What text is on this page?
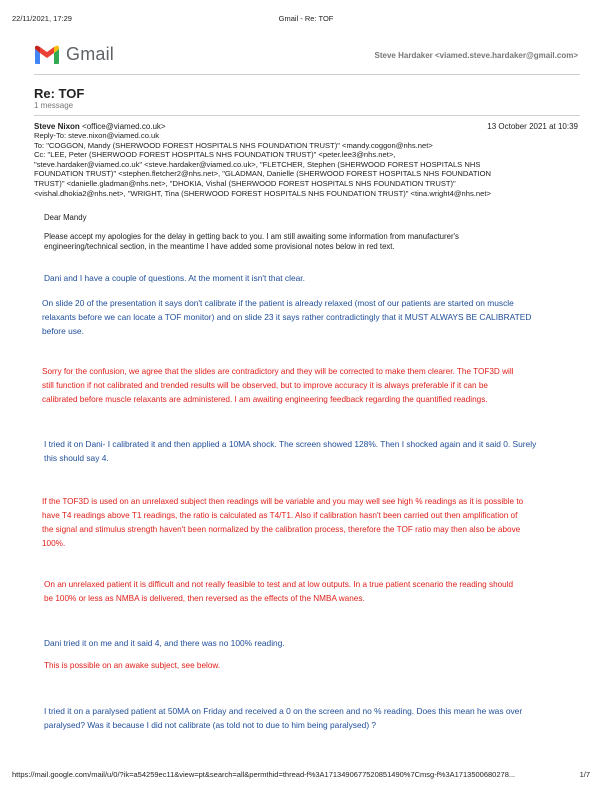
22/11/2021, 17:29	Gmail - Re: TOF
Gmail	Steve Hardaker <viamed.steve.hardaker@gmail.com>
Re: TOF
1 message
Steve Nixon <office@viamed.co.uk>	13 October 2021 at 10:39
Reply-To: steve.nixon@viamed.co.uk
To: "COGGON, Mandy (SHERWOOD FOREST HOSPITALS NHS FOUNDATION TRUST)" <mandy.coggon@nhs.net>
Cc: "LEE, Peter (SHERWOOD FOREST HOSPITALS NHS FOUNDATION TRUST)" <peter.lee3@nhs.net>,
"steve.hardaker@viamed.co.uk" <steve.hardaker@viamed.co.uk>, "FLETCHER, Stephen (SHERWOOD FOREST HOSPITALS NHS
FOUNDATION TRUST)" <stephen.fletcher2@nhs.net>, "GLADMAN, Danielle (SHERWOOD FOREST HOSPITALS NHS FOUNDATION
TRUST)" <danielle.gladman@nhs.net>, "DHOKIA, Vishal (SHERWOOD FOREST HOSPITALS NHS FOUNDATION TRUST)"
<vishal.dhokia2@nhs.net>, "WRIGHT, Tina (SHERWOOD FOREST HOSPITALS NHS FOUNDATION TRUST)" <tina.wright4@nhs.net>
Dear Mandy
Please accept my apologies for the delay in getting back to you. I am still awaiting some information from manufacturer's
engineering/technical section, in the meantime I have added some provisional notes below in red text.
Dani and I have a couple of questions. At the moment it isn't that clear.
On slide 20 of the presentation it says don't calibrate if the patient is already relaxed (most of our patients are started on muscle
relaxants before we can locate a TOF monitor) and on slide 23 it says rather contradictingly that it MUST ALWAYS BE CALIBRATED
before use.
Sorry for the confusion, we agree that the slides are contradictory and they will be corrected to make them clearer. The TOF3D will
still function if not calibrated and trended results will be observed, but to improve accuracy it is always preferable if it can be
calibrated before muscle relaxants are administered. I am awaiting engineering feedback regarding the quantified readings.
I tried it on Dani- I calibrated it and then applied a 10MA shock. The screen showed 128%. Then I shocked again and it said 0. Surely
this should say 4.
If the TOF3D is used on an unrelaxed subject then readings will be variable and you may well see high % readings as it is possible to
have T4 readings above T1 readings, the ratio is calculated as T4/T1. Also if calibration hasn't been carried out then amplification of
the signal and stimulus strength haven't been normalized by the calibration process, therefore the TOF ratio may then also be above
100%.
On an unrelaxed patient it is difficult and not really feasible to test and at low outputs. In a true patient scenario the reading should
be 100% or less as NMBA is delivered, then reversed as the effects of the NMBA wanes.
Dani tried it on me and it said 4, and there was no 100% reading.
This is possible on an awake subject, see below.
I tried it on a paralysed patient at 50MA on Friday and received a 0 on the screen and no % reading. Does this mean he was over
paralysed? Was it because I did not calibrate (as told not to due to him being paralysed) ?
https://mail.google.com/mail/u/0/?ik=a54259ec11&view=pt&search=all&permthid=thread-f%3A1713490677520851490%7Cmsg-f%3A1713500680278...	1/7
